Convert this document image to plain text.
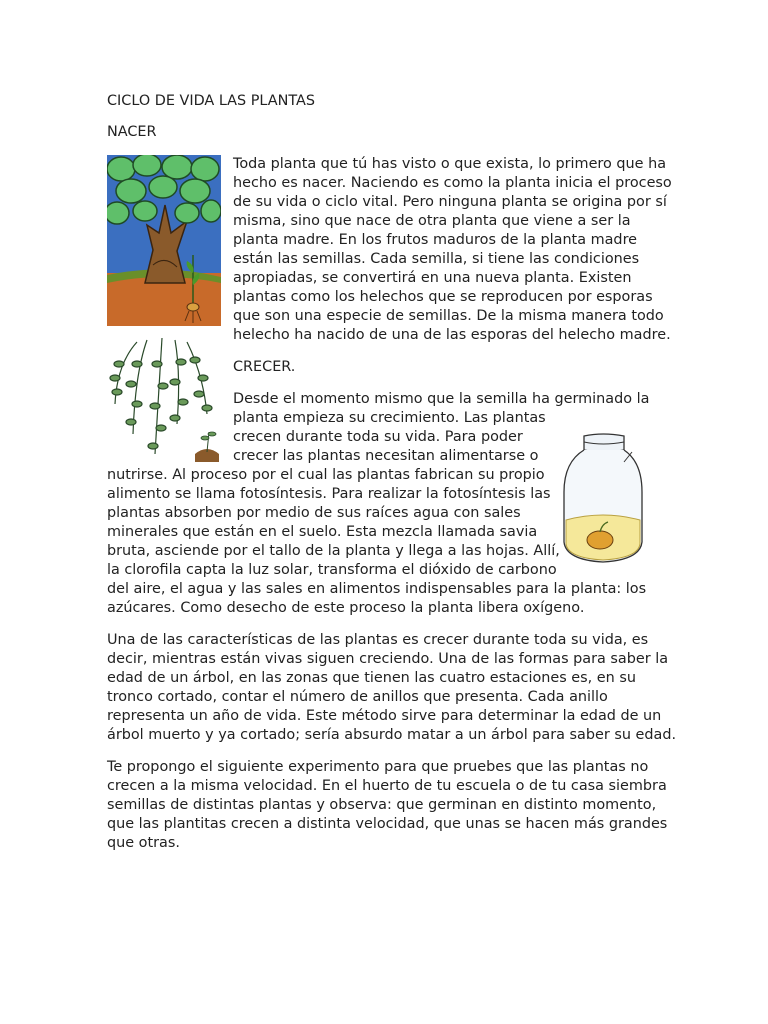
CICLO DE VIDA LAS PLANTAS

NACER

Toda planta que tú has visto o que exista, lo primero que ha
hecho es nacer. Naciendo es como la planta inicia el proceso
de su vida o ciclo vital. Pero ninguna planta se origina por sí
misma, sino que nace de otra planta que viene a ser la
planta madre. En los frutos maduros de la planta madre
están las semillas. Cada semilla, si tiene las condiciones
apropiadas, se convertirá en una nueva planta. Existen
plantas como los helechos que se reproducen por esporas
que son una especie de semillas. De la misma manera todo
helecho ha nacido de una de las esporas del helecho madre.

CRECER.

Desde el momento mismo que la semilla ha germinado la

planta empieza su crecimiento. Las plantas

crecen durante toda su vida. Para poder

crecer las plantas necesitan alimentarse o

nutrirse. Al proceso por el cual las plantas fabrican su propio

alimento se llama fotosíntesis. Para realizar la fotosíntesis las

plantas absorben por medio de sus raíces agua con sales

minerales que están en el suelo. Esta mezcla llamada savia

bruta, asciende por el tallo de la planta y llega a las hojas. Allí,

la clorofila capta la luz solar, transforma el dióxido de carbono

del aire, el agua y las sales en alimentos indispensables para la planta: los

azúcares. Como desecho de este proceso la planta libera oxígeno.

Una de las características de las plantas es crecer durante toda su vida, es
decir, mientras están vivas siguen creciendo. Una de las formas para saber la
edad de un árbol, en las zonas que tienen las cuatro estaciones es, en su
tronco cortado, contar el número de anillos que presenta. Cada anillo
representa un año de vida. Este método sirve para determinar la edad de un
árbol muerto y ya cortado; sería absurdo matar a un árbol para saber su edad.
Te propongo el siguiente experimento para que pruebes que las plantas no
crecen a la misma velocidad. En el huerto de tu escuela o de tu casa siembra
semillas de distintas plantas y observa: que germinan en distinto momento,
que las plantitas crecen a distinta velocidad, que unas se hacen más grandes
que otras.
